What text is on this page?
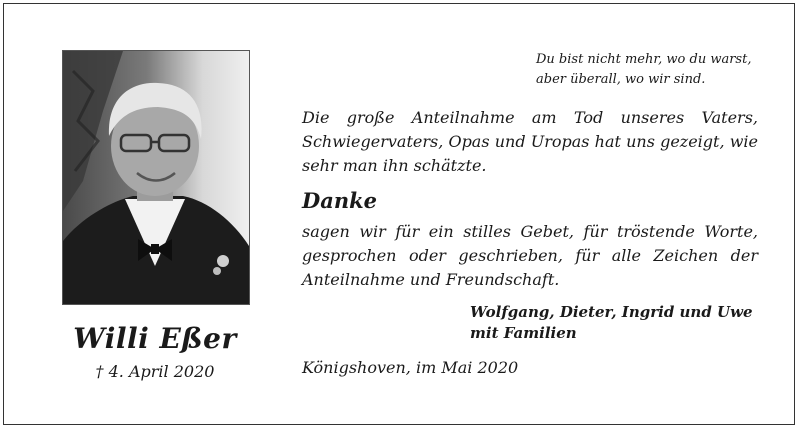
Willi Eßer
† 4. April 2020
Du bist nicht mehr, wo du warst,
aber überall, wo wir sind.
Die große Anteilnahme am Tod unseres Vaters, Schwiegervaters, Opas und Uropas hat uns gezeigt, wie sehr man ihn schätzte.
Danke
sagen wir für ein stilles Gebet, für tröstende Worte, gesprochen oder geschrieben, für alle Zeichen der Anteilnahme und Freundschaft.
Wolfgang, Dieter, Ingrid und Uwe
mit Familien
Königshoven, im Mai 2020
